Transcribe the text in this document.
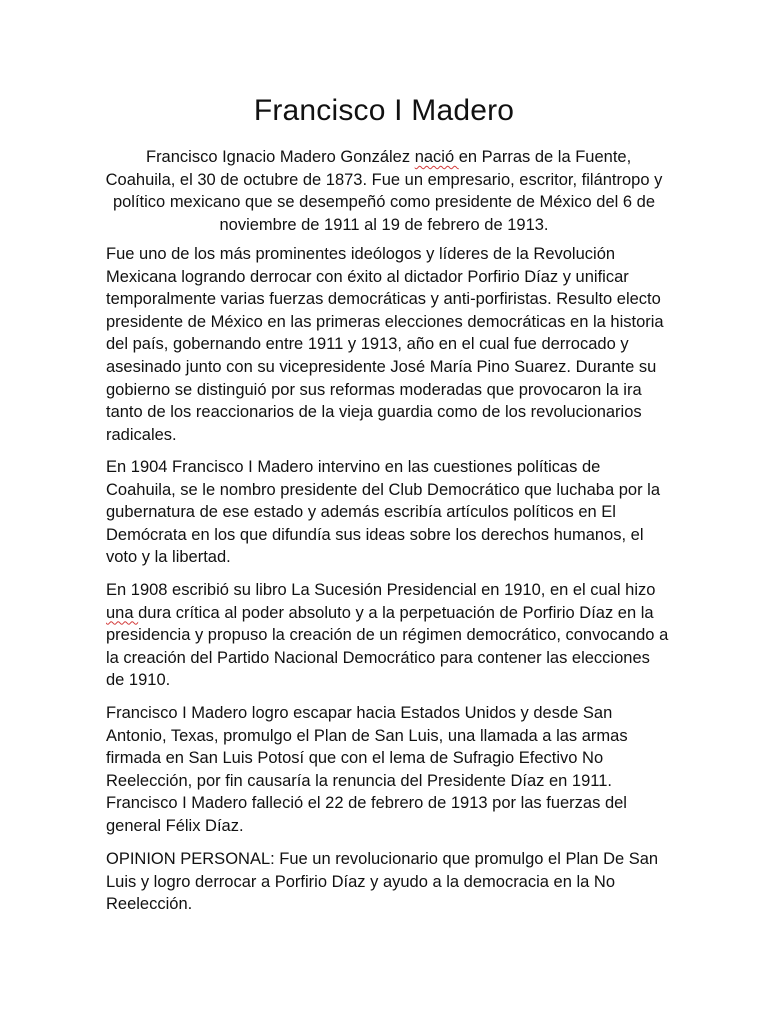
Francisco I Madero

Francisco Ignacio Madero González nació en Parras de la Fuente, Coahuila, el 30 de octubre de 1873. Fue un empresario, escritor, filántropo y político mexicano que se desempeñó como presidente de México del 6 de noviembre de 1911 al 19 de febrero de 1913.

Fue uno de los más prominentes ideólogos y líderes de la Revolución Mexicana logrando derrocar con éxito al dictador Porfirio Díaz y unificar temporalmente varias fuerzas democráticas y anti-porfiristas. Resulto electo presidente de México en las primeras elecciones democráticas en la historia del país, gobernando entre 1911 y 1913, año en el cual fue derrocado y asesinado junto con su vicepresidente José María Pino Suarez. Durante su gobierno se distinguió por sus reformas moderadas que provocaron la ira tanto de los reaccionarios de la vieja guardia como de los revolucionarios radicales.

En 1904 Francisco I Madero intervino en las cuestiones políticas de Coahuila, se le nombro presidente del Club Democrático que luchaba por la gubernatura de ese estado y además escribía artículos políticos en El Demócrata en los que difundía sus ideas sobre los derechos humanos, el voto y la libertad.

En 1908 escribió su libro La Sucesión Presidencial en 1910, en el cual hizo una dura crítica al poder absoluto y a la perpetuación de Porfirio Díaz en la presidencia y propuso la creación de un régimen democrático, convocando a la creación del Partido Nacional Democrático para contener las elecciones de 1910.

Francisco I Madero logro escapar hacia Estados Unidos y desde San Antonio, Texas, promulgo el Plan de San Luis, una llamada a las armas firmada en San Luis Potosí que con el lema de Sufragio Efectivo No Reelección, por fin causaría la renuncia del Presidente Díaz en 1911. Francisco I Madero falleció el 22 de febrero de 1913 por las fuerzas del general Félix Díaz.

OPINION PERSONAL: Fue un revolucionario que promulgo el Plan De San Luis y logro derrocar a Porfirio Díaz y ayudo a la democracia en la No Reelección.
